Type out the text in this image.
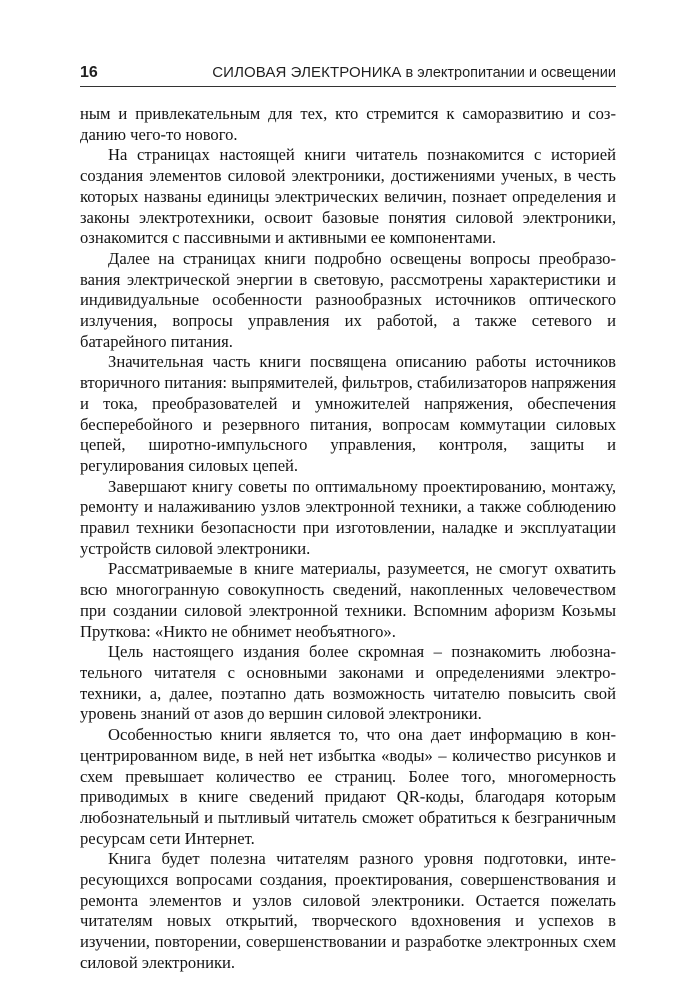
16	СИЛОВАЯ ЭЛЕКТРОНИКА в электропитании и освещении

ным и привлекательным для тех, кто стремится к саморазвитию и созданию чего-то нового.

На страницах настоящей книги читатель познакомится с историей создания элементов силовой электроники, достижениями ученых, в честь которых названы единицы электрических величин, познает определения и законы электротехники, освоит базовые понятия силовой электроники, ознакомится с пассивными и активными ее компонентами.

Далее на страницах книги подробно освещены вопросы преобразования электрической энергии в световую, рассмотрены характеристики и индивидуальные особенности разнообразных источников оптического излучения, вопросы управления их работой, а также сетевого и батарейного питания.

Значительная часть книги посвящена описанию работы источников вторичного питания: выпрямителей, фильтров, стабилизаторов напряжения и тока, преобразователей и умножителей напряжения, обеспечения бесперебойного и резервного питания, вопросам коммутации силовых цепей, широтно-импульсного управления, контроля, защиты и регулирования силовых цепей.

Завершают книгу советы по оптимальному проектированию, монтажу, ремонту и налаживанию узлов электронной техники, а также соблюдению правил техники безопасности при изготовлении, наладке и эксплуатации устройств силовой электроники.

Рассматриваемые в книге материалы, разумеется, не смогут охватить всю многогранную совокупность сведений, накопленных человечеством при создании силовой электронной техники. Вспомним афоризм Козьмы Пруткова: «Никто не обнимет необъятного».

Цель настоящего издания более скромная – познакомить любознательного читателя с основными законами и определениями электротехники, а, далее, поэтапно дать возможность читателю повысить свой уровень знаний от азов до вершин силовой электроники.

Особенностью книги является то, что она дает информацию в концентрированном виде, в ней нет избытка «воды» – количество рисунков и схем превышает количество ее страниц. Более того, многомерность приводимых в книге сведений придают QR-коды, благодаря которым любознательный и пытливый читатель сможет обратиться к безграничным ресурсам сети Интернет.

Книга будет полезна читателям разного уровня подготовки, интересующихся вопросами создания, проектирования, совершенствования и ремонта элементов и узлов силовой электроники. Остается пожелать читателям новых открытий, творческого вдохновения и успехов в изучении, повторении, совершенствовании и разработке электронных схем силовой электроники.
